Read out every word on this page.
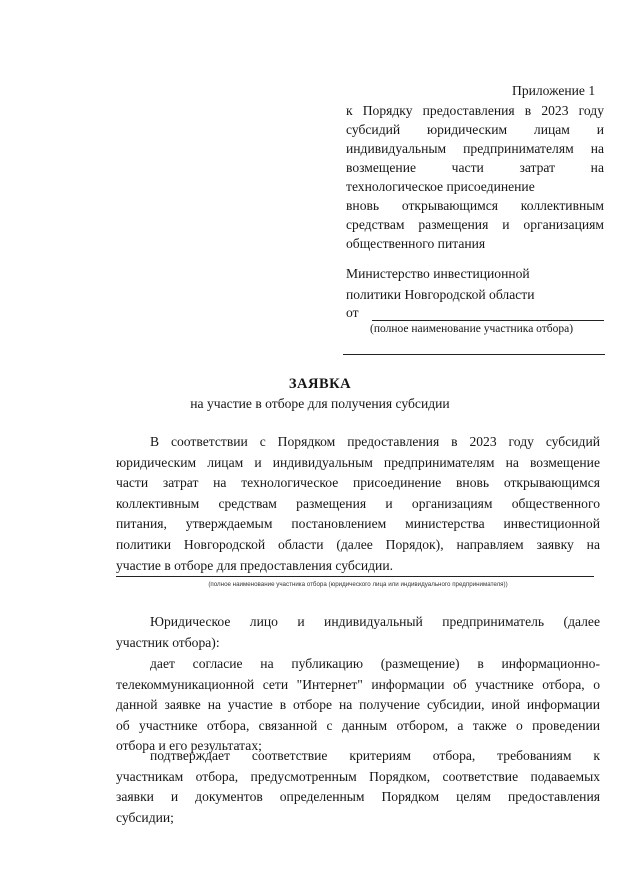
Приложение 1
к Порядку предоставления в 2023 году
субсидий юридическим лицам и
индивидуальным предпринимателям на
возмещение части затрат на
технологическое присоединение
вновь открывающимся коллективным
средствам размещения и организациям
общественного питания
Министерство инвестиционной
политики Новгородской области
от
(полное наименование участника отбора)
ЗАЯВКА
на участие в отборе для получения субсидии
В соответствии с Порядком предоставления в 2023 году субсидий
юридическим лицам и индивидуальным предпринимателям на возмещение
части затрат на технологическое присоединение вновь открывающимся
коллективным средствам размещения и организациям общественного
питания, утверждаемым постановлением министерства инвестиционной
политики Новгородской области (далее Порядок), направляем заявку на
участие в отборе для предоставления субсидии.
(полное наименование участника отбора (юридического лица или индивидуального предпринимателя))
Юридическое лицо и индивидуальный предприниматель (далее
участник отбора):
дает согласие на публикацию (размещение) в информационно-
телекоммуникационной сети "Интернет" информации об участнике отбора, о
данной заявке на участие в отборе на получение субсидии, иной информации
об участнике отбора, связанной с данным отбором, а также о проведении
отбора и его результатах;
подтверждает соответствие критериям отбора, требованиям к
участникам отбора, предусмотренным Порядком, соответствие подаваемых
заявки и документов определенным Порядком целям предоставления
субсидии;
